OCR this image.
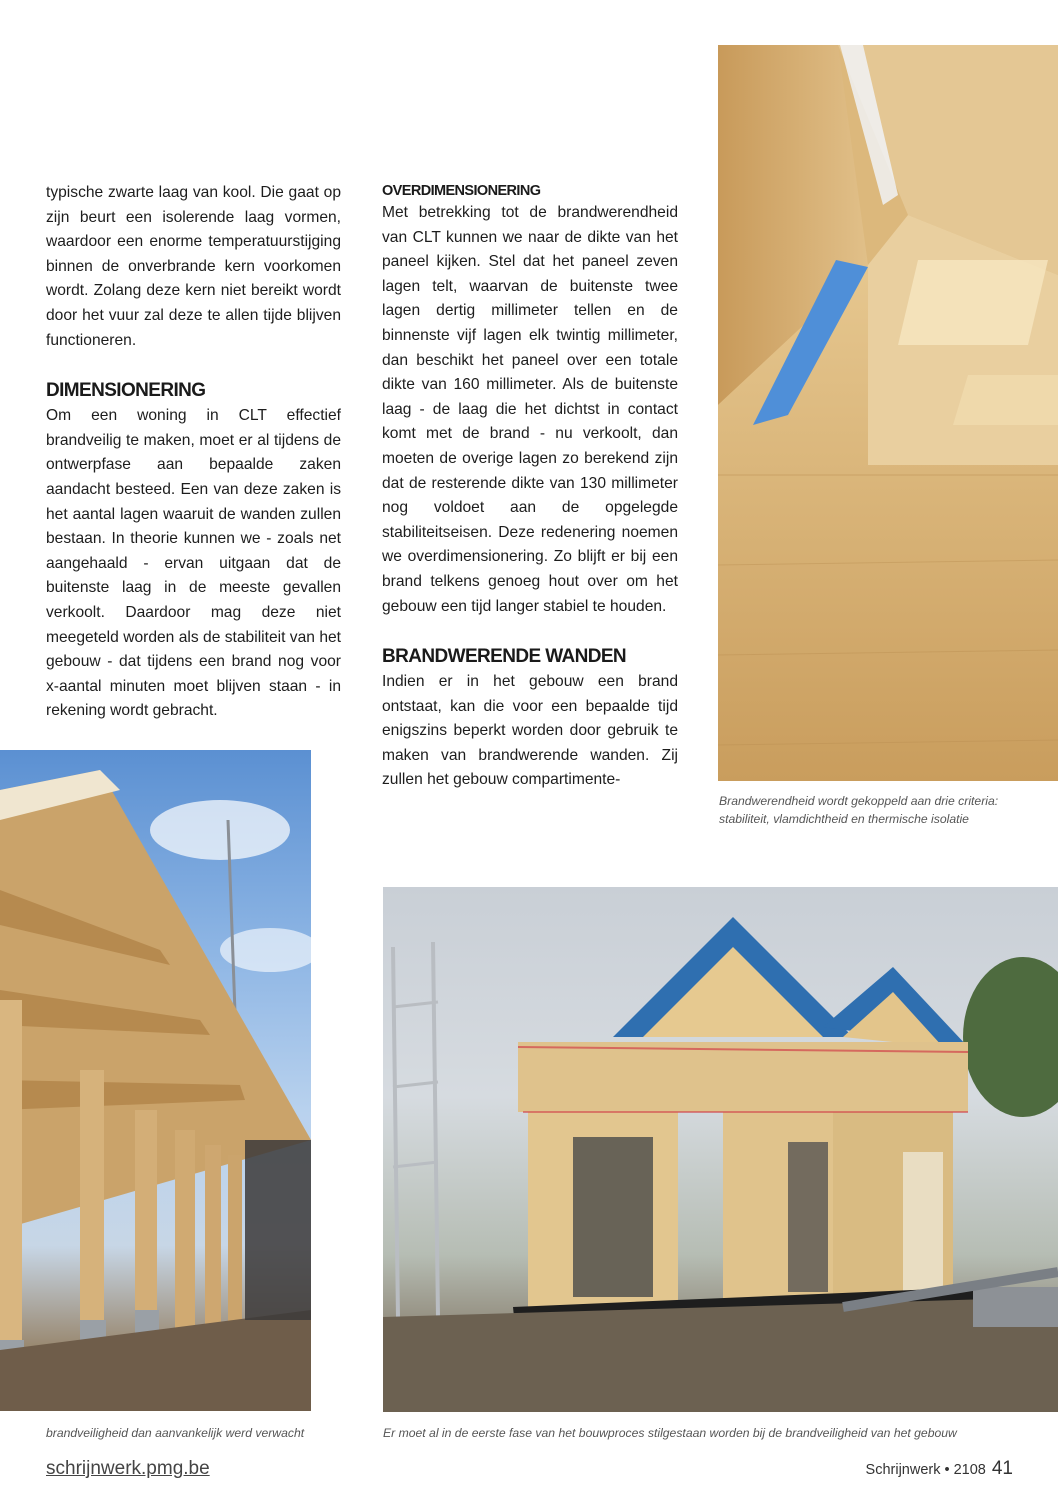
typische zwarte laag van kool. Die gaat op zijn beurt een isolerende laag vormen, waardoor een enorme temperatuurstijging binnen de onverbrande kern voorkomen wordt. Zolang deze kern niet bereikt wordt door het vuur zal deze te allen tijde blijven functioneren.

DIMENSIONERING

Om een woning in CLT effectief brandveilig te maken, moet er al tijdens de ontwerpfase aan bepaalde zaken aandacht besteed. Een van deze zaken is het aantal lagen waaruit de wanden zullen bestaan. In theorie kunnen we - zoals net aangehaald - ervan uitgaan dat de buitenste laag in de meeste gevallen verkoolt. Daardoor mag deze niet meegeteld worden als de stabiliteit van het gebouw - dat tijdens een brand nog voor x-aantal minuten moet blijven staan - in rekening wordt gebracht.

OVERDIMENSIONERING

Met betrekking tot de brandwerendheid van CLT kunnen we naar de dikte van het paneel kijken. Stel dat het paneel zeven lagen telt, waarvan de buitenste twee lagen dertig millimeter tellen en de binnenste vijf lagen elk twintig millimeter, dan beschikt het paneel over een totale dikte van 160 millimeter. Als de buitenste laag - de laag die het dichtst in contact komt met de brand - nu verkoolt, dan moeten de overige lagen zo berekend zijn dat de resterende dikte van 130 millimeter nog voldoet aan de opgelegde stabiliteitseisen. Deze redenering noemen we overdimensionering. Zo blijft er bij een brand telkens genoeg hout over om het gebouw een tijd langer stabiel te houden.

BRANDWERENDE WANDEN

Indien er in het gebouw een brand ontstaat, kan die voor een bepaalde tijd enigszins beperkt worden door gebruik te maken van brandwerende wanden. Zij zullen het gebouw compartimente-

Brandwerendheid wordt gekoppeld aan drie criteria:
stabiliteit, vlamdichtheid en thermische isolatie
brandveiligheid dan aanvankelijk werd verwacht	Er moet al in de eerste fase van het bouwproces stilgestaan worden bij de brandveiligheid van het gebouw
schrijnwerk.pmg.be	Schrijnwerk • 2108 41
